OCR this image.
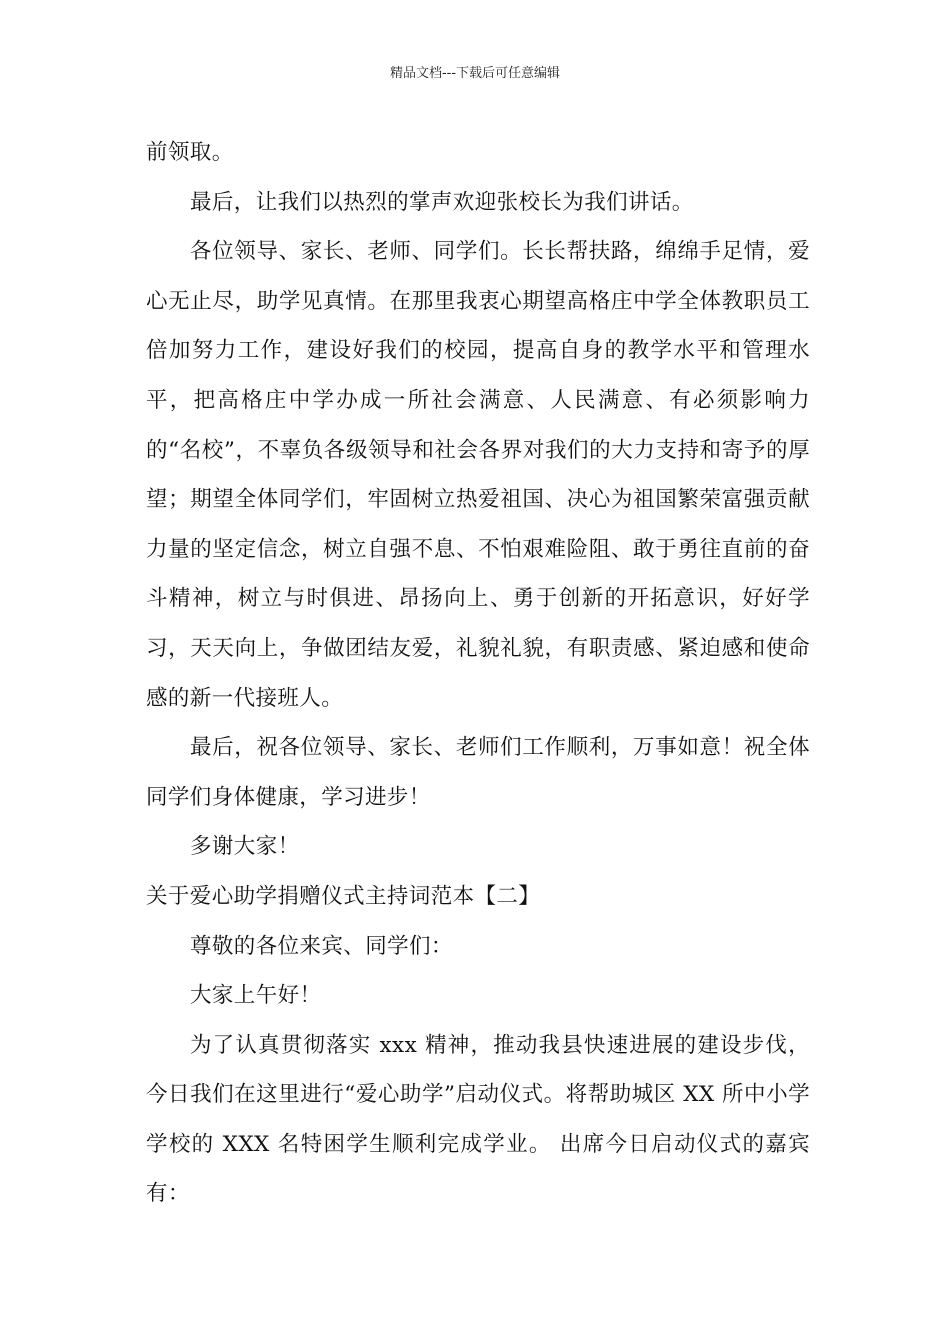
精品文档---下载后可任意编辑

前领取。

最后，让我们以热烈的掌声欢迎张校长为我们讲话。

各位领导、家长、老师、同学们。长长帮扶路，绵绵手足情，爱心无止尽，助学见真情。在那里我衷心期望高格庄中学全体教职员工倍加努力工作，建设好我们的校园，提高自身的教学水平和管理水平，把高格庄中学办成一所社会满意、人民满意、有必须影响力的“名校”，不辜负各级领导和社会各界对我们的大力支持和寄予的厚望；期望全体同学们，牢固树立热爱祖国、决心为祖国繁荣富强贡献力量的坚定信念，树立自强不息、不怕艰难险阻、敢于勇往直前的奋斗精神，树立与时俱进、昂扬向上、勇于创新的开拓意识，好好学习，天天向上，争做团结友爱，礼貌礼貌，有职责感、紧迫感和使命感的新一代接班人。

最后，祝各位领导、家长、老师们工作顺利，万事如意！祝全体同学们身体健康，学习进步！

多谢大家！

关于爱心助学捐赠仪式主持词范本【二】

尊敬的各位来宾、同学们：

大家上午好！

为了认真贯彻落实 xxx 精神，推动我县快速进展的建设步伐，今日我们在这里进行“爱心助学”启动仪式。将帮助城区 XX 所中小学学校的 XXX 名特困学生顺利完成学业。 出席今日启动仪式的嘉宾有：
